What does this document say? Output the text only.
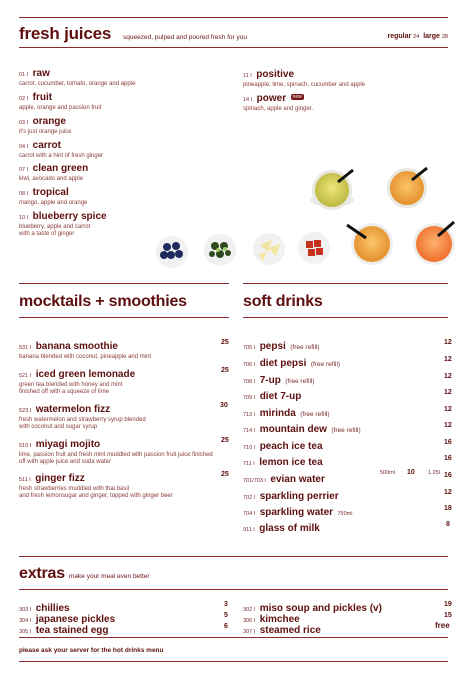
fresh juices squeezed, pulped and poured fresh for you	regular 24 large 28
01 I raw
carrot, cucumber, tomato, orange and apple
02 I fruit
apple, orange and passion fruit
03 I orange
it's just orange juice
04 I carrot
carrot with a hint of fresh ginger
07 I clean green
kiwi, avocado and apple
08 I tropical
mango, apple and orange
10 I blueberry spice
blueberry, apple and carrot
with a taste of ginger
11 I positive
pineapple, lime, spinach, cucumber and apple
14 I power new
spinach, apple and ginger.
mocktails + smoothies	soft drinks
531 I banana smoothie
banana blended with coconut, pineapple and mint
25
521 I iced green lemonade
green tea blended with honey and mint
finished off with a squeeze of lime
25
523 I watermelon fizz
fresh watermelon and strawberry syrup blended
with coconut and sugar syrup
30
510 I miyagi mojito
lime, passion fruit and fresh mint muddled with passion fruit juice finished
off with apple juice and soda water
25
511 I ginger fizz
fresh strawberries muddled with thai basil
and fresh lemonsugar and ginger, topped with ginger beer
25
705 I pepsi (free refill)
12
706 I diet pepsi (free refill)
12
708 I 7-up (free refill)
12
709 I diet 7-up	12
713 I mirinda (free refill)
12
714 I mountain dew (free refill)
12
710 I peach ice tea	16
711 I lemon ice tea	16
701/703 I evian water
500ml 10 1.25l 16
702 I sparkling perrier	12
704 I sparkling water 750ml
18
911 I glass of milk	8
extras make your meal even better
303 I chillies	3
304 I japanese pickles	5
305 I tea stained egg	6
302 I miso soup and pickles (v)	19
306 I kimchee	15
307 I steamed rice	free
please ask your server for the hot drinks menu
